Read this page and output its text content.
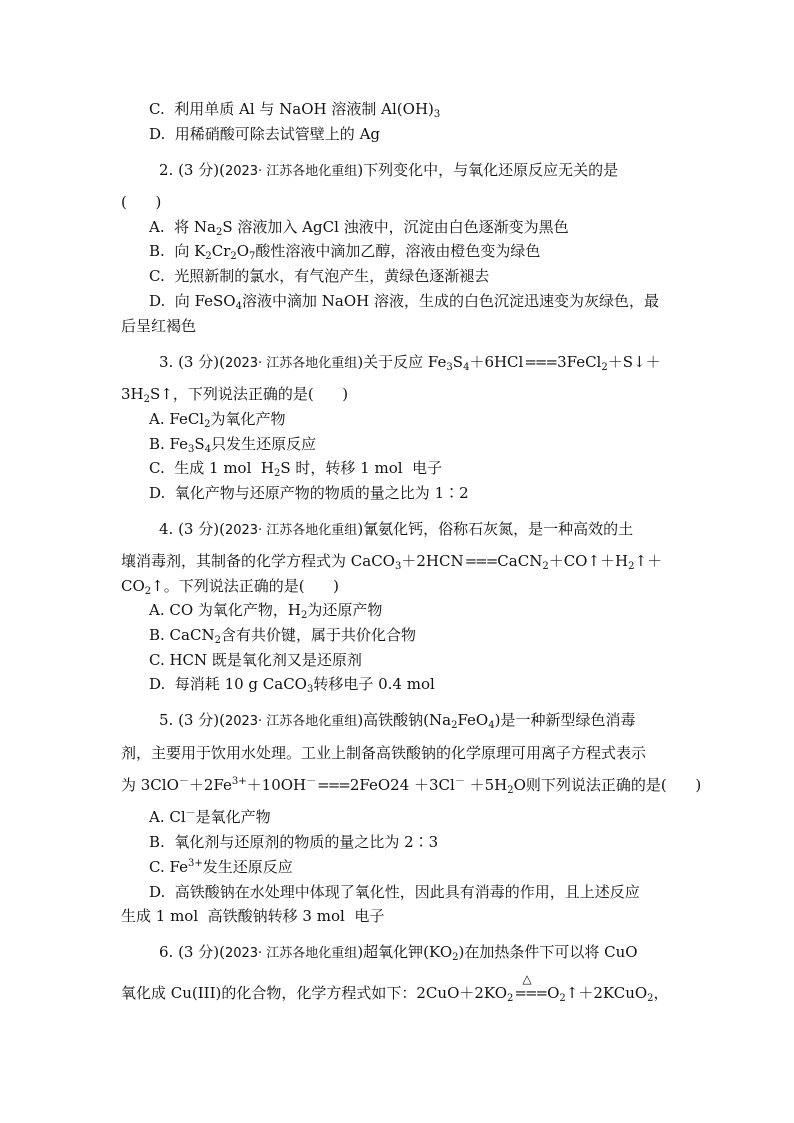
C.  利用单质 Al 与 NaOH 溶液制 $Al(OH)_3$
D.  用稀硝酸可除去试管壁上的 Ag
2. (3 分)(2023· 江苏各地化重组)下列变化中，与氧化还原反应无关的是
(      )
A.  将 $Na_2S$ 溶液加入 AgCl 浊液中，沉淀由白色逐渐变为黑色
B.  向 $K_2Cr_2O_7$酸性溶液中滴加乙醇，溶液由橙色变为绿色
C.  光照新制的氯水，有气泡产生，黄绿色逐渐褪去
D.  向 FeSO$_4$溶液中滴加 NaOH 溶液，生成的白色沉淀迅速变为灰绿色，最
后呈红褐色
3. (3 分)(2023· 江苏各地化重组)关于反应 $Fe_3S_4+6HCl===3FeCl_2+S↓+$
$3H_2S↑$，下列说法正确的是(      )
A. FeCl$_2$为氧化产物
B. $Fe_3S_4$只发生还原反应
C.  生成 1 mol  $H_2S$ 时，转移 1 mol  电子
D.  氧化产物与还原产物的物质的量之比为 1∶2
4. (3 分)(2023· 江苏各地化重组)氰氨化钙，俗称石灰氮，是一种高效的土
壤消毒剂，其制备的化学方程式为 $CaCO_3+2HCN===CaCN_2+CO↑+H_2↑+$
$CO_2↑$。下列说法正确的是(      )
A. CO 为氧化产物，$H_2$为还原产物
B. CaCN$_2$含有共价键，属于共价化合物
C. HCN 既是氧化剂又是还原剂
D.  每消耗 10 g CaCO$_3$转移电子 0.4 mol
5. (3 分)(2023· 江苏各地化重组)高铁酸钠$(Na_2FeO_4)$是一种新型绿色消毒
剂，主要用于饮用水处理。工业上制备高铁酸钠的化学原理可用离子方程式表示
为 $3ClO^-+2Fe^{3+}+10OH^-===2FeO24 +3Cl^- +5H_2O$则下列说法正确的是(      )
A. Cl－是氧化产物
B.  氧化剂与还原剂的物质的量之比为 2∶3
C. $Fe^{3+}$发生还原反应
D.  高铁酸钠在水处理中体现了氧化性，因此具有消毒的作用，且上述反应
生成 1 mol  高铁酸钠转移 3 mol  电子
6. (3 分)(2023· 江苏各地化重组)超氧化钾$(KO_2)$在加热条件下可以将 CuO
氧化成 Cu(III)的化合物，化学方程式如下：$2CuO+2KO_2$
△
$===O_2↑+2KCuO_2$，
